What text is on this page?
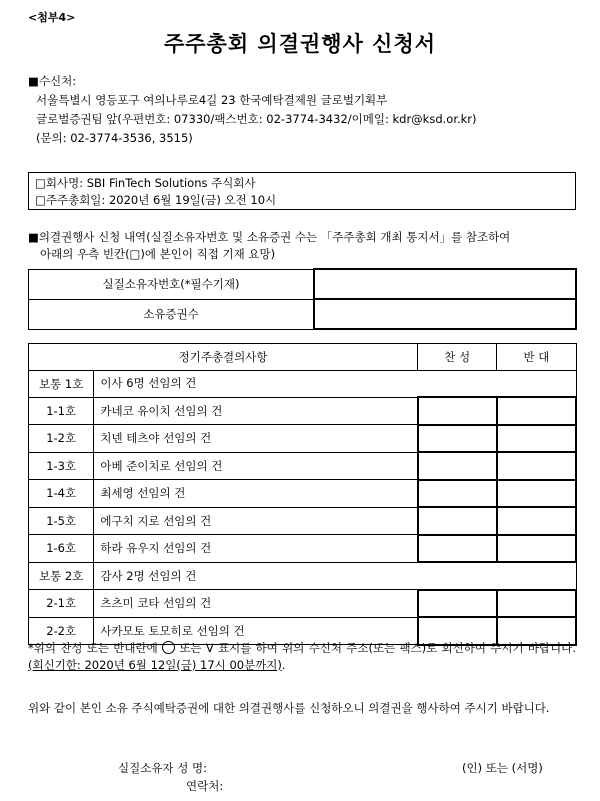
<첨부4>
주주총회 의결권행사 신청서
■수신처:
서울특별시 영등포구 여의나루로4길 23 한국예탁결제원 글로벌기획부
글로벌증권팀 앞(우편번호: 07330/팩스번호: 02-3774-3432/이메일: kdr@ksd.or.kr)
(문의: 02-3774-3536, 3515)
□회사명: SBI FinTech Solutions 주식회사
□주주총회일: 2020년 6월 19일(금) 오전 10시
■의결권행사 신청 내역(실질소유자번호 및 소유증권 수는 「주주총회 개최 통지서」를 참조하여
아래의 우측 빈칸(□)에 본인이 직접 기재 요망)
실질소유자번호(*필수기재)	
소유증권수	
정기주총결의사항		찬 성	반 대
보통 1호	이사 6명 선임의 건		
1-1호	카네코 유이치 선임의 건		
1-2호	치넨 테츠야 선임의 건		
1-3호	아베 준이치로 선임의 건		
1-4호	최세영 선임의 건		
1-5호	에구치 지로 선임의 건		
1-6호	하라 유우지 선임의 건		
보통 2호	감사 2명 선임의 건		
2-1호	츠츠미 코타 선임의 건		
2-2호	사카모토 토모히로 선임의 건		
*위의 찬성 또는 반대란에 ○ 또는 V 표시를 하여 위의 수신처 주소(또는 팩스)로 회신하여 주시기 바랍니다. (회신기한: 2020년 6월 12일(금) 17시 00분까지).
위와 같이 본인 소유 주식예탁증권에 대한 의결권행사를 신청하오니 의결권을 행사하여 주시기 바랍니다.
실질소유자 성 명:	(인) 또는 (서명)
연락처:
